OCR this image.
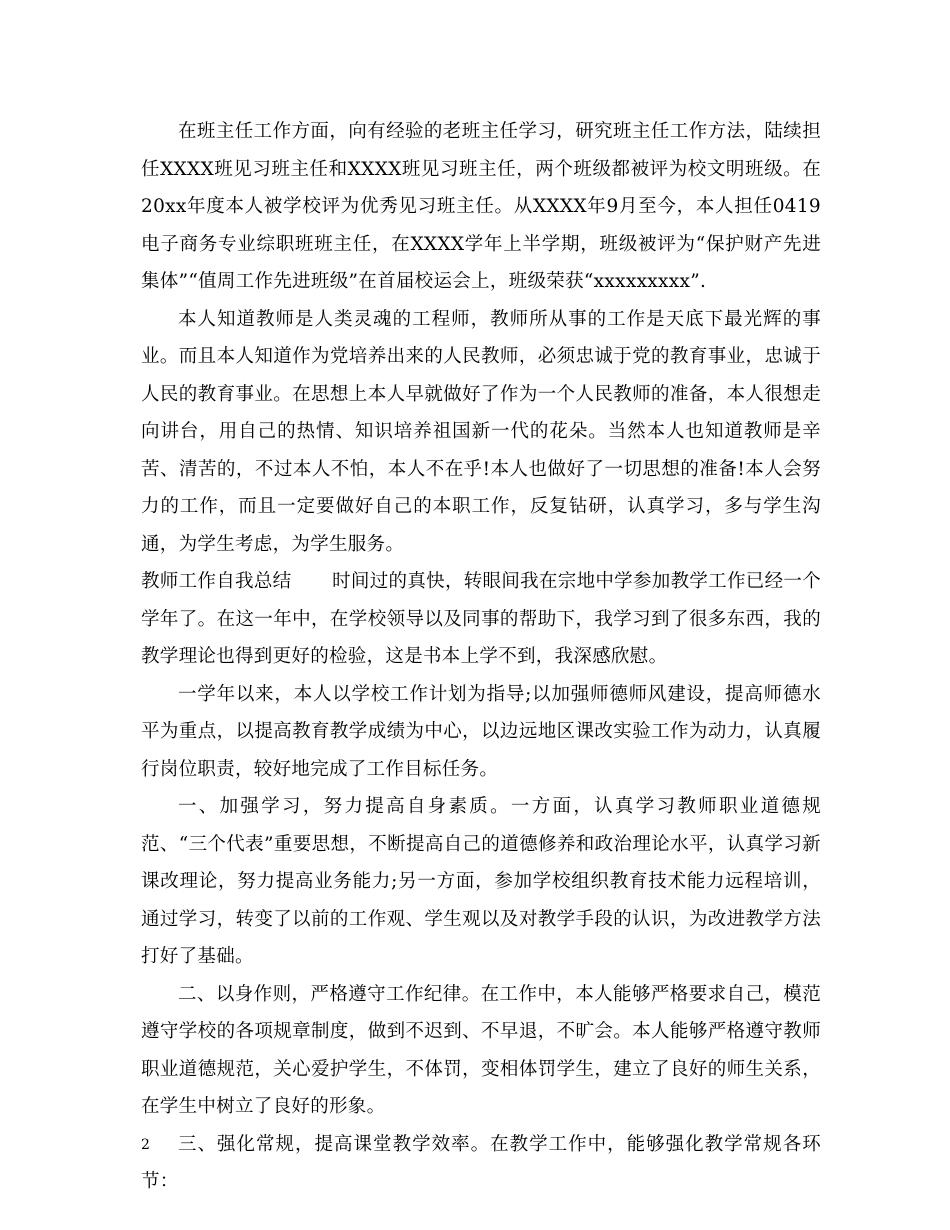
在班主任工作方面，向有经验的老班主任学习，研究班主任工作方法，陆续担任XXXX班见习班主任和XXXX班见习班主任，两个班级都被评为校文明班级。在20xx年度本人被学校评为优秀见习班主任。从XXXX年9月至今，本人担任0419电子商务专业综职班班主任，在XXXX学年上半学期，班级被评为“保护财产先进集体”“值周工作先进班级”在首届校运会上，班级荣获“xxxxxxxxx”.

本人知道教师是人类灵魂的工程师，教师所从事的工作是天底下最光辉的事业。而且本人知道作为党培养出来的人民教师，必须忠诚于党的教育事业，忠诚于人民的教育事业。在思想上本人早就做好了作为一个人民教师的准备，本人很想走向讲台，用自己的热情、知识培养祖国新一代的花朵。当然本人也知道教师是辛苦、清苦的，不过本人不怕，本人不在乎!本人也做好了一切思想的准备!本人会努力的工作，而且一定要做好自己的本职工作，反复钻研，认真学习，多与学生沟通，为学生考虑，为学生服务。

教师工作自我总结 时间过的真快，转眼间我在宗地中学参加教学工作已经一个学年了。在这一年中，在学校领导以及同事的帮助下，我学习到了很多东西，我的教学理论也得到更好的检验，这是书本上学不到，我深感欣慰。

一学年以来，本人以学校工作计划为指导;以加强师德师风建设，提高师德水平为重点，以提高教育教学成绩为中心，以边远地区课改实验工作为动力，认真履行岗位职责，较好地完成了工作目标任务。

一、加强学习，努力提高自身素质。一方面，认真学习教师职业道德规范、“三个代表”重要思想，不断提高自己的道德修养和政治理论水平，认真学习新课改理论，努力提高业务能力;另一方面，参加学校组织教育技术能力远程培训，通过学习，转变了以前的工作观、学生观以及对教学手段的认识，为改进教学方法打好了基础。

二、以身作则，严格遵守工作纪律。在工作中，本人能够严格要求自己，模范遵守学校的各项规章制度，做到不迟到、不早退，不旷会。本人能够严格遵守教师职业道德规范，关心爱护学生，不体罚，变相体罚学生，建立了良好的师生关系，在学生中树立了良好的形象。

三、强化常规，提高课堂教学效率。在教学工作中，能够强化教学常规各环节：

2
